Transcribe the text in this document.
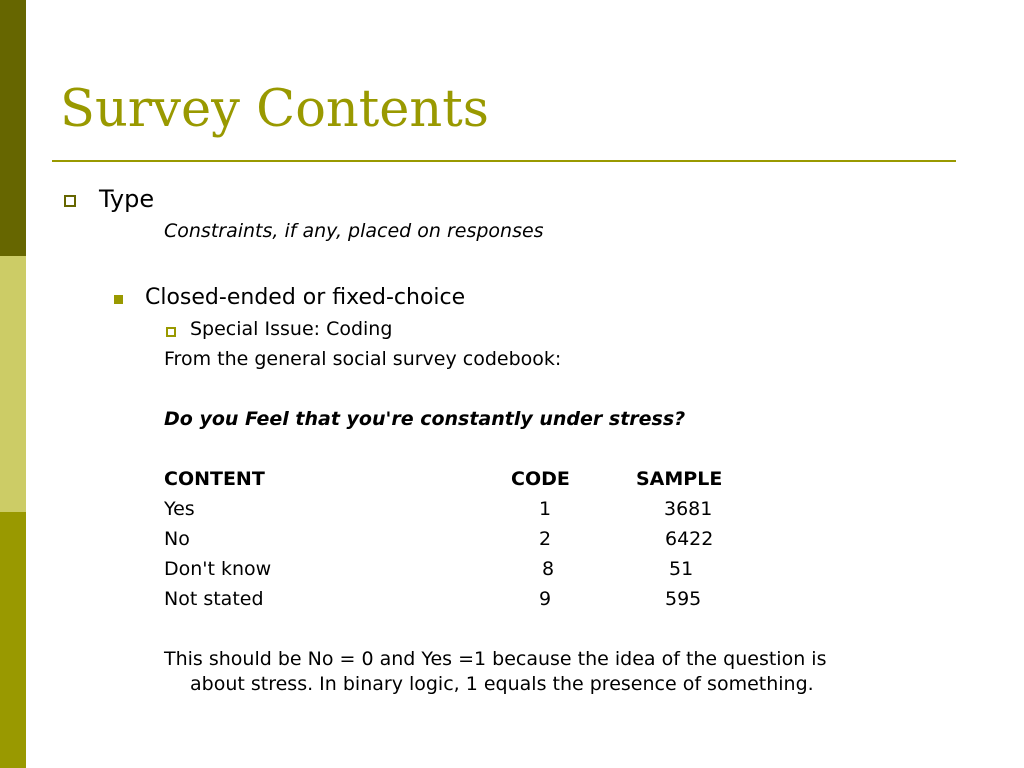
Survey Contents
Type
Constraints, if any, placed on responses
Closed-ended or fixed-choice
Special Issue: Coding
From the general social survey codebook:
Do you Feel that you're constantly under stress?
CONTENT	CODE	SAMPLE
Yes	1	3681
No	2	6422
Don't know	8	51
Not stated	9	595
This should be No = 0 and Yes =1 because the idea of the question is
about stress. In binary logic, 1 equals the presence of something.
